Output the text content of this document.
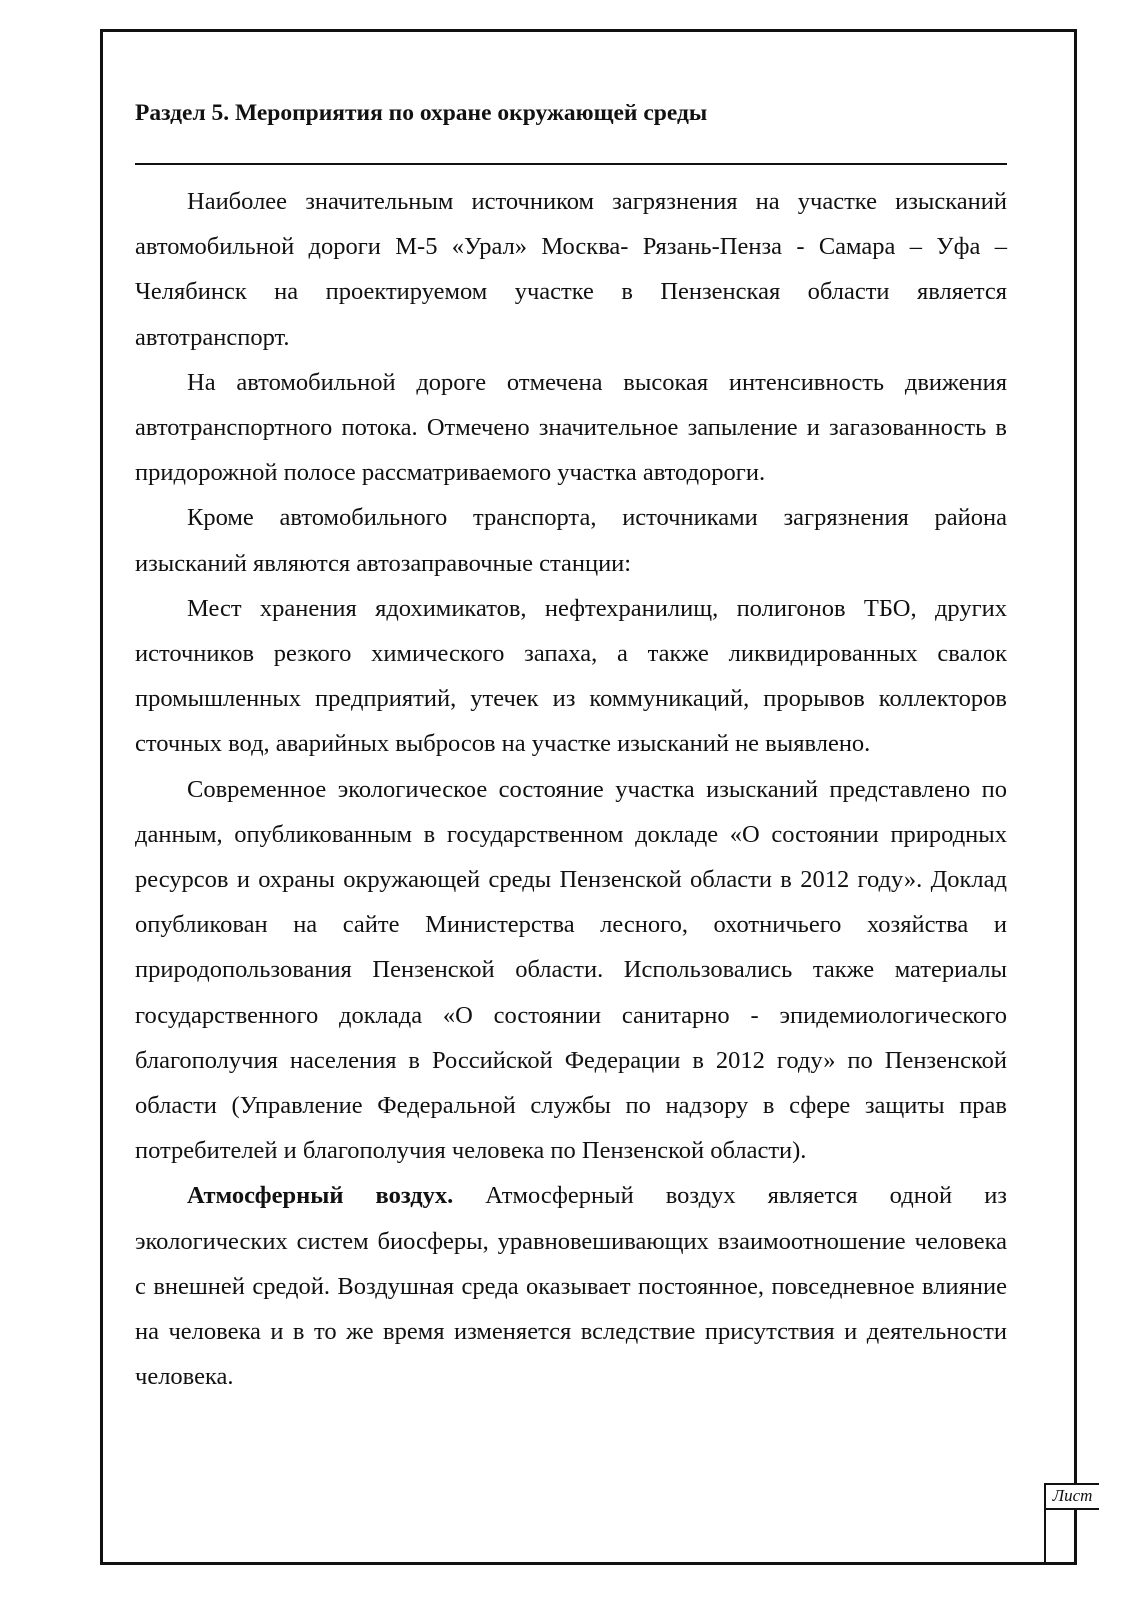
Раздел 5. Мероприятия по охране окружающей среды

Наиболее значительным источником загрязнения на участке изысканий автомобильной дороги М-5 «Урал» Москва- Рязань-Пенза - Самара – Уфа – Челябинск на проектируемом участке в Пензенская области является автотранспорт.

На автомобильной дороге отмечена высокая интенсивность движения автотранспортного потока. Отмечено значительное запыление и загазованность в придорожной полосе рассматриваемого участка автодороги.

Кроме автомобильного транспорта, источниками загрязнения района изысканий являются автозаправочные станции:

Мест хранения ядохимикатов, нефтехранилищ, полигонов ТБО, других источников резкого химического запаха, а также ликвидированных свалок промышленных предприятий, утечек из коммуникаций, прорывов коллекторов сточных вод, аварийных выбросов на участке изысканий не выявлено.

Современное экологическое состояние участка изысканий представлено по данным, опубликованным в государственном докладе «О состоянии природных ресурсов и охраны окружающей среды Пензенской области в 2012 году». Доклад опубликован на сайте Министерства лесного, охотничьего хозяйства и природопользования Пензенской области. Использовались также материалы государственного доклада «О состоянии санитарно - эпидемиологического благополучия населения в Российской Федерации в 2012 году» по Пензенской области (Управление Федеральной службы по надзору в сфере защиты прав потребителей и благополучия человека по Пензенской области).

Атмосферный воздух. Атмосферный воздух является одной из экологических систем биосферы, уравновешивающих взаимоотношение человека с внешней средой. Воздушная среда оказывает постоянное, повседневное влияние на человека и в то же время изменяется вследствие присутствия и деятельности человека.

Лист
